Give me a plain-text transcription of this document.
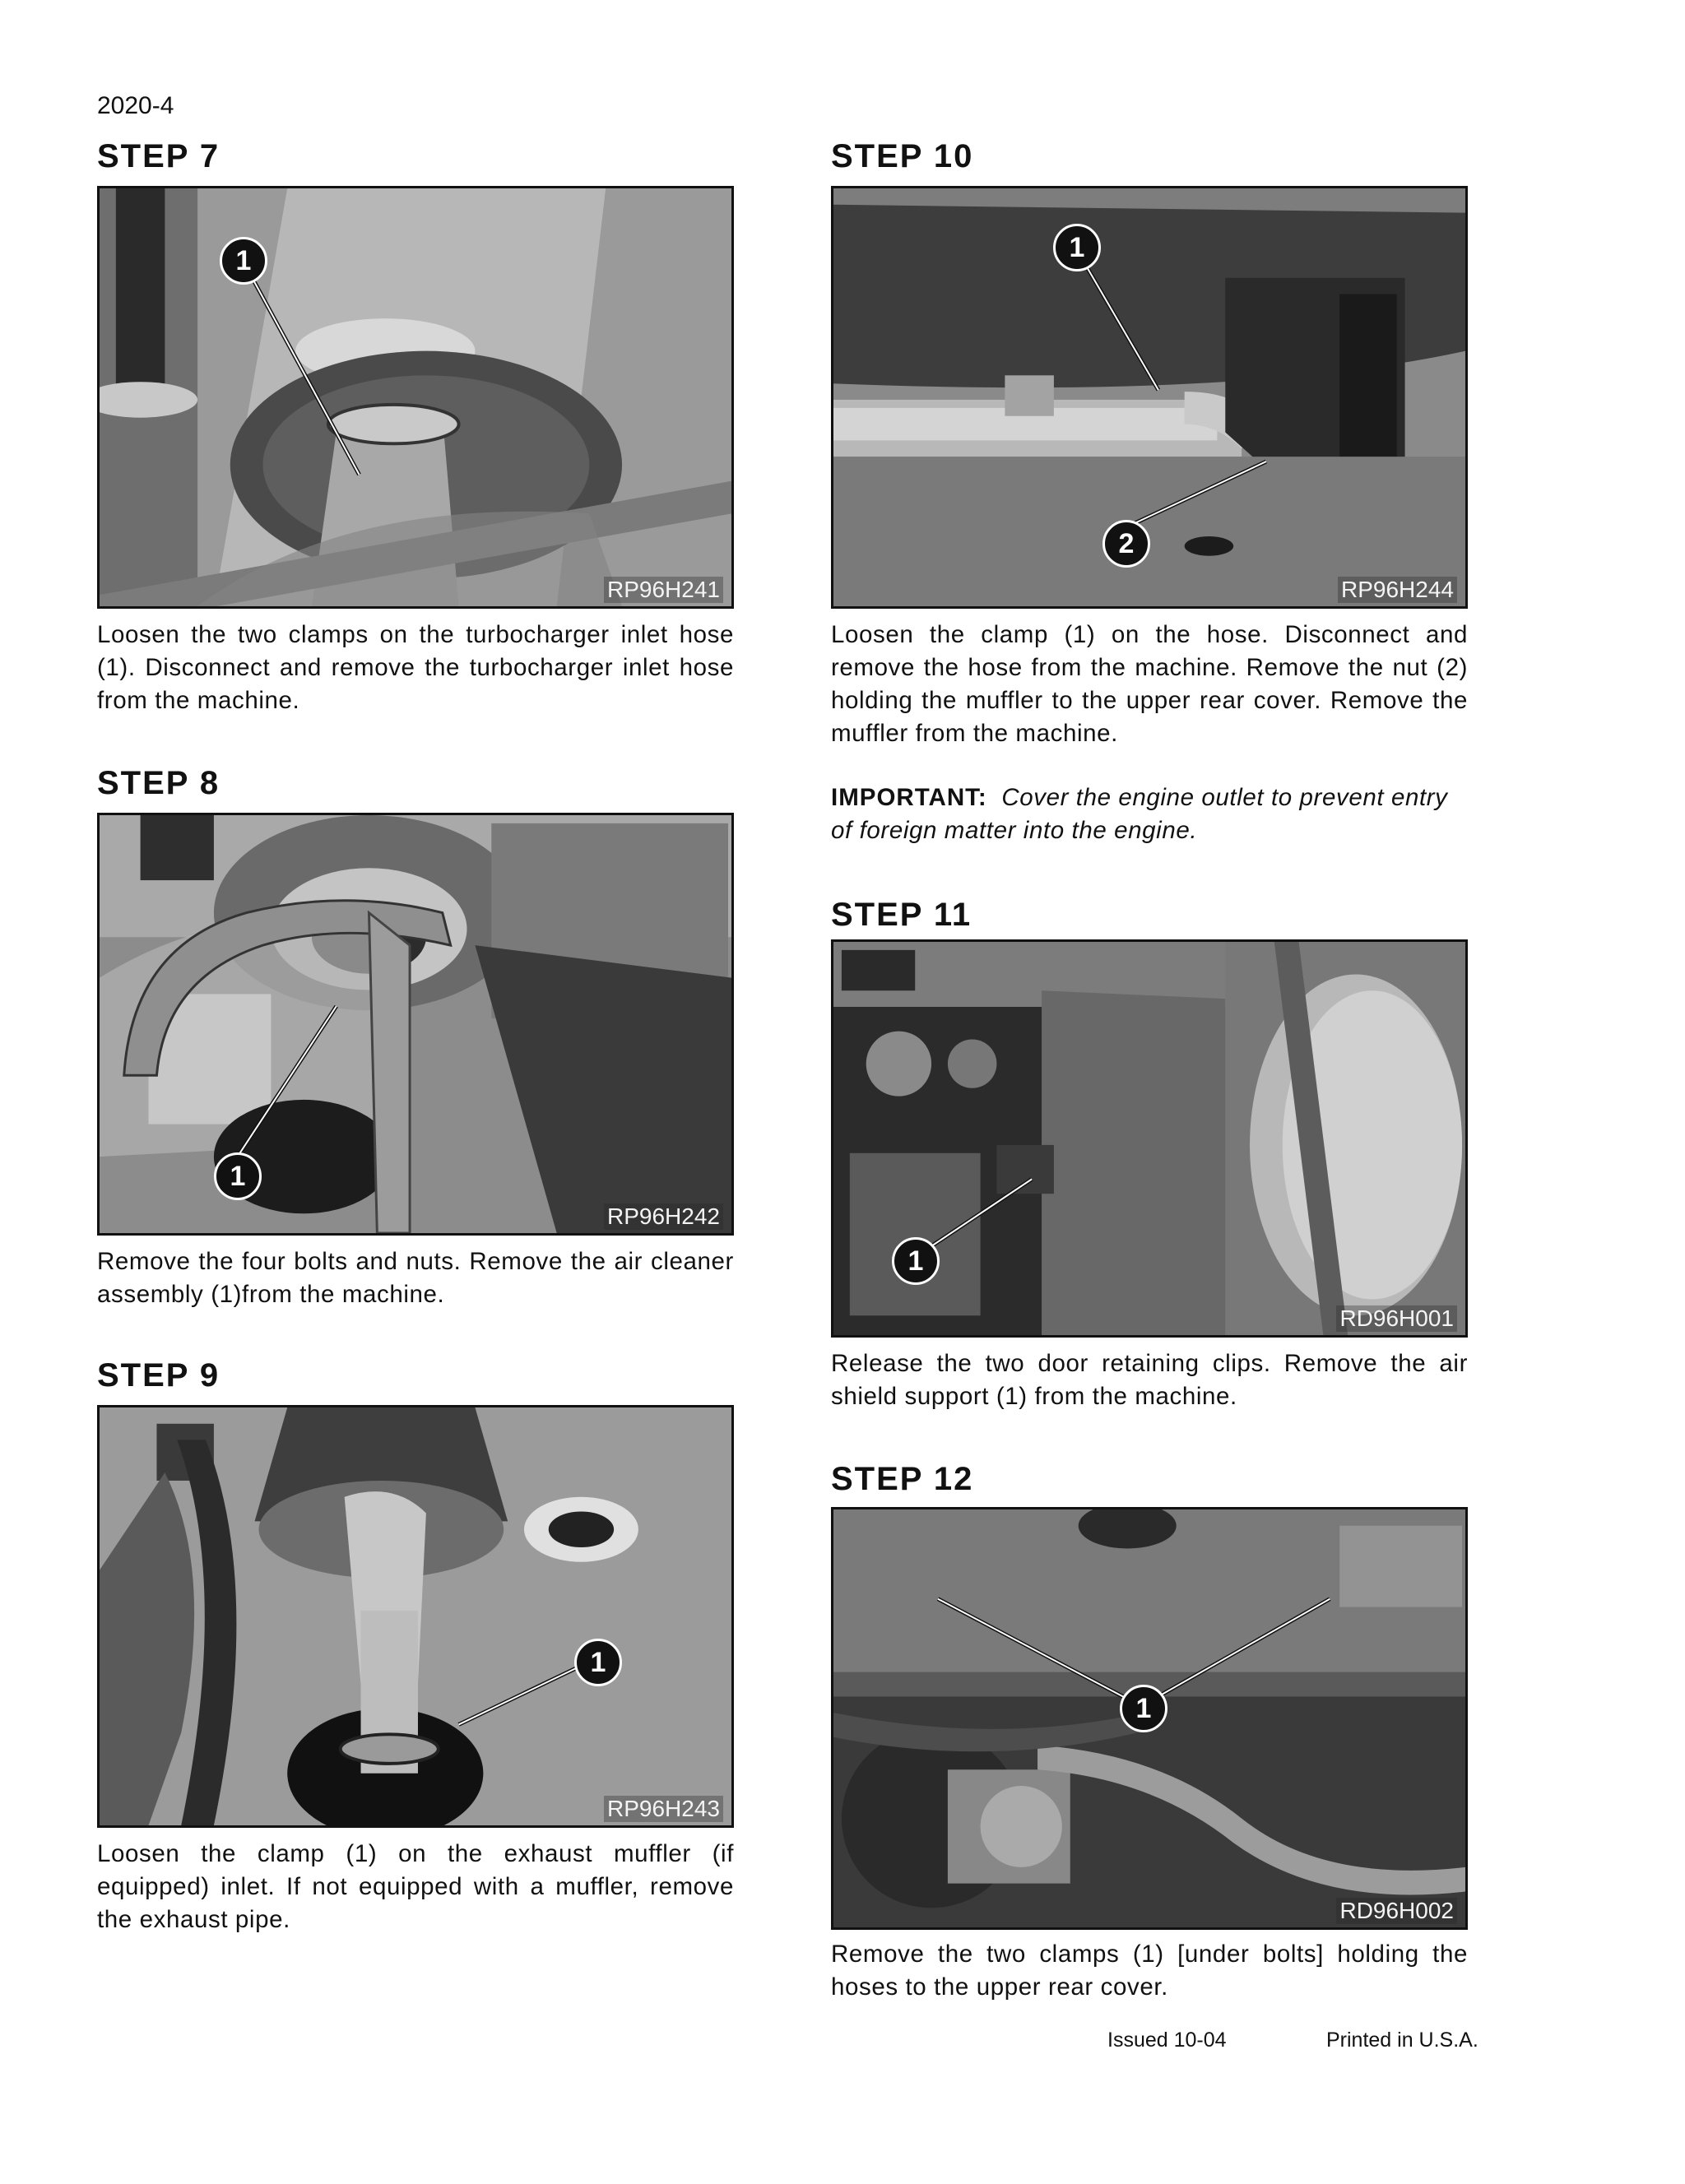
2020-4
STEP 7
1
RP96H241
Loosen the two clamps on the turbocharger inlet hose (1). Disconnect and remove the turbocharger inlet hose from the machine.
STEP 8
1
RP96H242
Remove the four bolts and nuts. Remove the air cleaner assembly (1)from the machine.
STEP 9
1
RP96H243
Loosen the clamp (1) on the exhaust muffler (if equipped) inlet. If not equipped with a muffler, remove the exhaust pipe.
STEP 10
1
2
RP96H244
Loosen the clamp (1) on the hose. Disconnect and remove the hose from the machine. Remove the nut (2) holding the muffler to the upper rear cover. Remove the muffler from the machine.
IMPORTANT: Cover the engine outlet to prevent entry of foreign matter into the engine.
STEP 11
1
RD96H001
Release the two door retaining clips. Remove the air shield support (1) from the machine.
STEP 12
1
RD96H002
Remove the two clamps (1) [under bolts] holding the hoses to the upper rear cover.
Issued 10-04	Printed in U.S.A.
